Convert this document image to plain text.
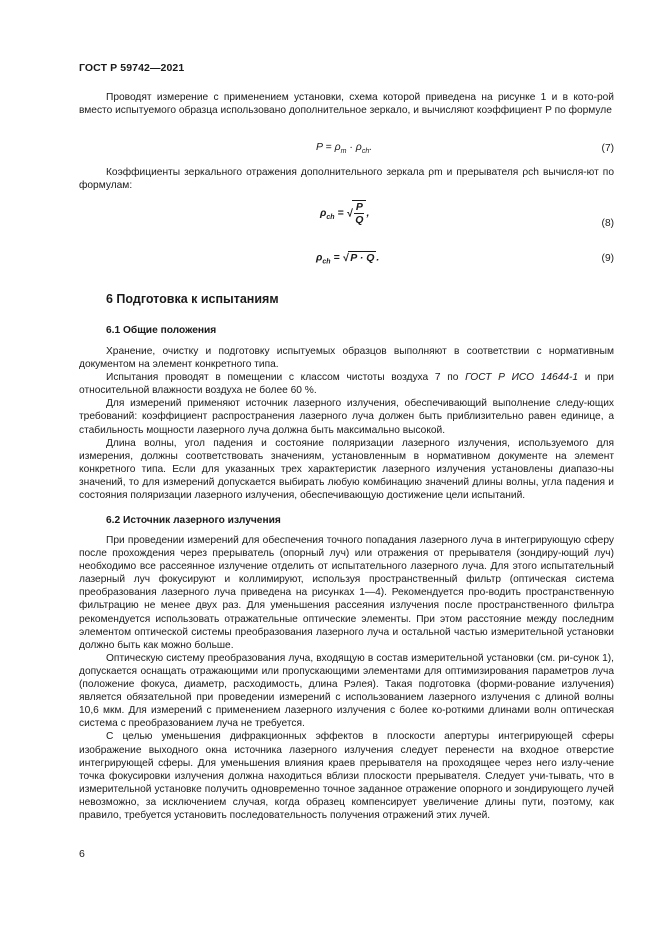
ГОСТ Р 59742—2021

Проводят измерение с применением установки, схема которой приведена на рисунке 1 и в кото-рой вместо испытуемого образца использовано дополнительное зеркало, и вычисляют коэффициент P по формуле

$P = \rho_m \cdot \rho_{ch}$.	(7)

Коэффициенты зеркального отражения дополнительного зеркала ρm и прерывателя ρch вычисля-ют по формулам:

$\rho_{ch}$ = √ $\frac{P}{Q}$ ,
(8)
$\rho_{ch}$ = √ P · Q .	(9)
6 Подготовка к испытаниям
6.1 Общие положения

Хранение, очистку и подготовку испытуемых образцов выполняют в соответствии с нормативным документом на элемент конкретного типа.

Испытания проводят в помещении с классом чистоты воздуха 7 по ГОСТ Р ИСО 14644-1 и при относительной влажности воздуха не более 60 %.

Для измерений применяют источник лазерного излучения, обеспечивающий выполнение следу-ющих требований: коэффициент распространения лазерного луча должен быть приблизительно равен единице, а стабильность мощности лазерного луча должна быть максимально высокой.

Длина волны, угол падения и состояние поляризации лазерного излучения, используемого для измерения, должны соответствовать значениям, установленным в нормативном документе на элемент конкретного типа. Если для указанных трех характеристик лазерного излучения установлены диапазо-ны значений, то для измерений допускается выбирать любую комбинацию значений длины волны, угла падения и состояния поляризации лазерного излучения, обеспечивающую достижение цели испытаний.

6.2 Источник лазерного излучения

При проведении измерений для обеспечения точного попадания лазерного луча в интегрирующую сферу после прохождения через прерыватель (опорный луч) или отражения от прерывателя (зондиру-ющий луч) необходимо все рассеянное излучение отделить от испытательного лазерного луча. Для этого испытательный лазерный луч фокусируют и коллимируют, используя пространственный фильтр (оптическая система преобразования лазерного луча приведена на рисунках 1—4). Рекомендуется про-водить пространственную фильтрацию не менее двух раз. Для уменьшения рассеяния излучения после пространственного фильтра рекомендуется использовать отражательные оптические элементы. При этом расстояние между последним элементом оптической системы преобразования лазерного луча и остальной частью измерительной установки должно быть как можно больше.

Оптическую систему преобразования луча, входящую в состав измерительной установки (см. ри-сунок 1), допускается оснащать отражающими или пропускающими элементами для оптимизирования параметров луча (положение фокуса, диаметр, расходимость, длина Рэлея). Такая подготовка (форми-рование излучения) является обязательной при проведении измерений с использованием лазерного излучения с длиной волны 10,6 мкм. Для измерений с применением лазерного излучения с более ко-роткими длинами волн оптическая система с преобразованием луча не требуется.

С целью уменьшения дифракционных эффектов в плоскости апертуры интегрирующей сферы изображение выходного окна источника лазерного излучения следует перенести на входное отверстие интегрирующей сферы. Для уменьшения влияния краев прерывателя на проходящее через него излу-чение точка фокусировки излучения должна находиться вблизи плоскости прерывателя. Следует учи-тывать, что в измерительной установке получить одновременно точное заданное отражение опорного и зондирующего лучей невозможно, за исключением случая, когда образец компенсирует увеличение длины пути, поэтому, как правило, требуется установить последовательность получения отражений этих лучей.

6
